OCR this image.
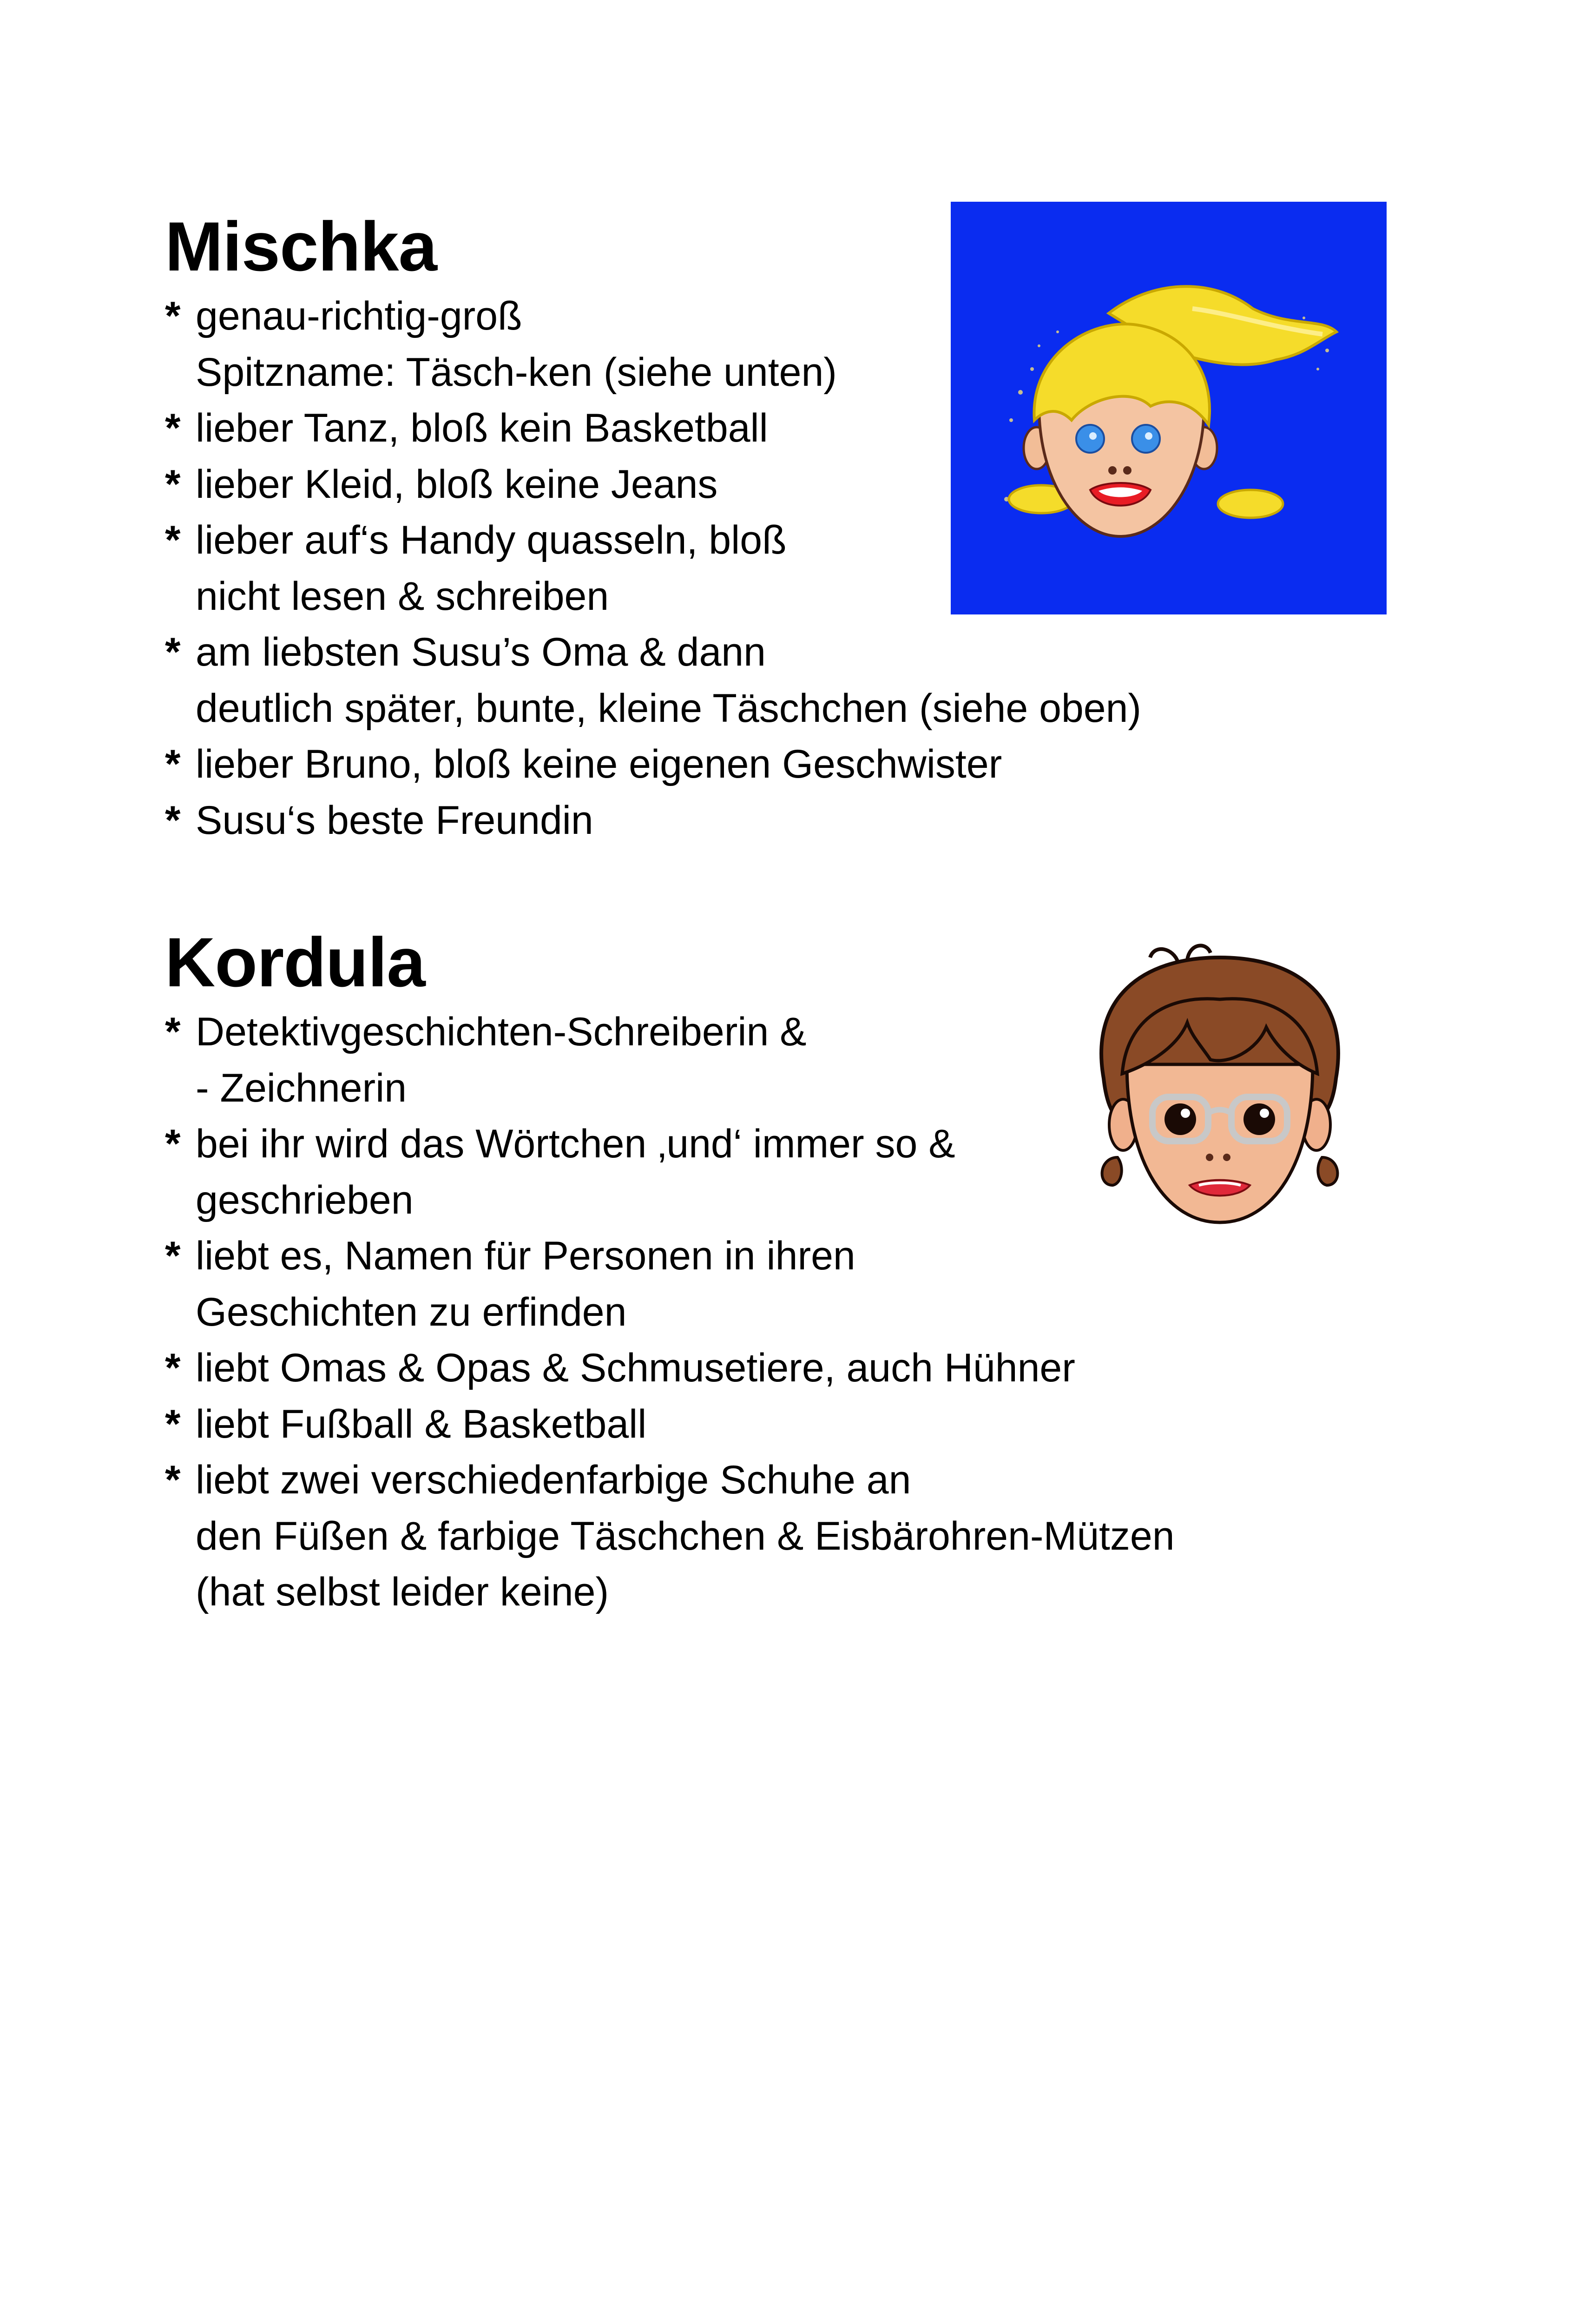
Mischka

* genau-richtig-groß

Spitzname: Täsch-ken (siehe unten)

* lieber Tanz, bloß kein Basketball

* lieber Kleid, bloß keine Jeans

* lieber auf‘s Handy quasseln, bloß

nicht lesen & schreiben

* am liebsten Susu’s Oma & dann

deutlich später, bunte, kleine Täschchen (siehe oben)

* lieber Bruno, bloß keine eigenen Geschwister

* Susu‘s beste Freundin

Kordula

* Detektivgeschichten-Schreiberin &

- Zeichnerin

* bei ihr wird das Wörtchen ‚und‘ immer so &

geschrieben

* liebt es, Namen für Personen in ihren

Geschichten zu erfinden

* liebt Omas & Opas & Schmusetiere, auch Hühner

* liebt Fußball & Basketball

* liebt zwei verschiedenfarbige Schuhe an

den Füßen & farbige Täschchen & Eisbärohren-Mützen

(hat selbst leider keine)
